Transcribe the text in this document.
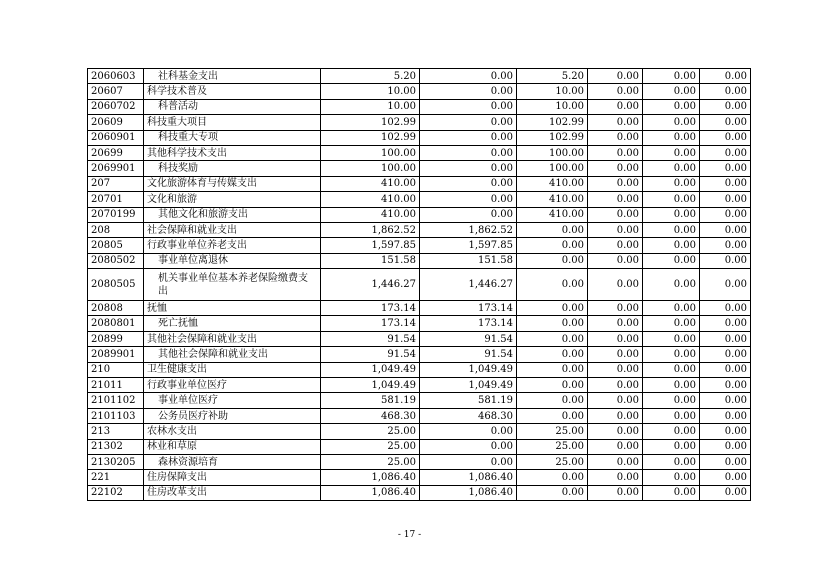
2060603	社科基金支出	5.20	0.00	5.20	0.00	0.00	0.00
20607	科学技术普及	10.00	0.00	10.00	0.00	0.00	0.00
2060702	科普活动	10.00	0.00	10.00	0.00	0.00	0.00
20609	科技重大项目	102.99	0.00	102.99	0.00	0.00	0.00
2060901	科技重大专项	102.99	0.00	102.99	0.00	0.00	0.00
20699	其他科学技术支出	100.00	0.00	100.00	0.00	0.00	0.00
2069901	科技奖励	100.00	0.00	100.00	0.00	0.00	0.00
207	文化旅游体育与传媒支出	410.00	0.00	410.00	0.00	0.00	0.00
20701	文化和旅游	410.00	0.00	410.00	0.00	0.00	0.00
2070199	其他文化和旅游支出	410.00	0.00	410.00	0.00	0.00	0.00
208	社会保障和就业支出	1,862.52	1,862.52	0.00	0.00	0.00	0.00
20805	行政事业单位养老支出	1,597.85	1,597.85	0.00	0.00	0.00	0.00
2080502	事业单位离退休	151.58	151.58	0.00	0.00	0.00	0.00
2080505	机关事业单位基本养老保险缴费支出	1,446.27	1,446.27	0.00	0.00	0.00	0.00
20808	抚恤	173.14	173.14	0.00	0.00	0.00	0.00
2080801	死亡抚恤	173.14	173.14	0.00	0.00	0.00	0.00
20899	其他社会保障和就业支出	91.54	91.54	0.00	0.00	0.00	0.00
2089901	其他社会保障和就业支出	91.54	91.54	0.00	0.00	0.00	0.00
210	卫生健康支出	1,049.49	1,049.49	0.00	0.00	0.00	0.00
21011	行政事业单位医疗	1,049.49	1,049.49	0.00	0.00	0.00	0.00
2101102	事业单位医疗	581.19	581.19	0.00	0.00	0.00	0.00
2101103	公务员医疗补助	468.30	468.30	0.00	0.00	0.00	0.00
213	农林水支出	25.00	0.00	25.00	0.00	0.00	0.00
21302	林业和草原	25.00	0.00	25.00	0.00	0.00	0.00
2130205	森林资源培育	25.00	0.00	25.00	0.00	0.00	0.00
221	住房保障支出	1,086.40	1,086.40	0.00	0.00	0.00	0.00
22102	住房改革支出	1,086.40	1,086.40	0.00	0.00	0.00	0.00
- 17 -
